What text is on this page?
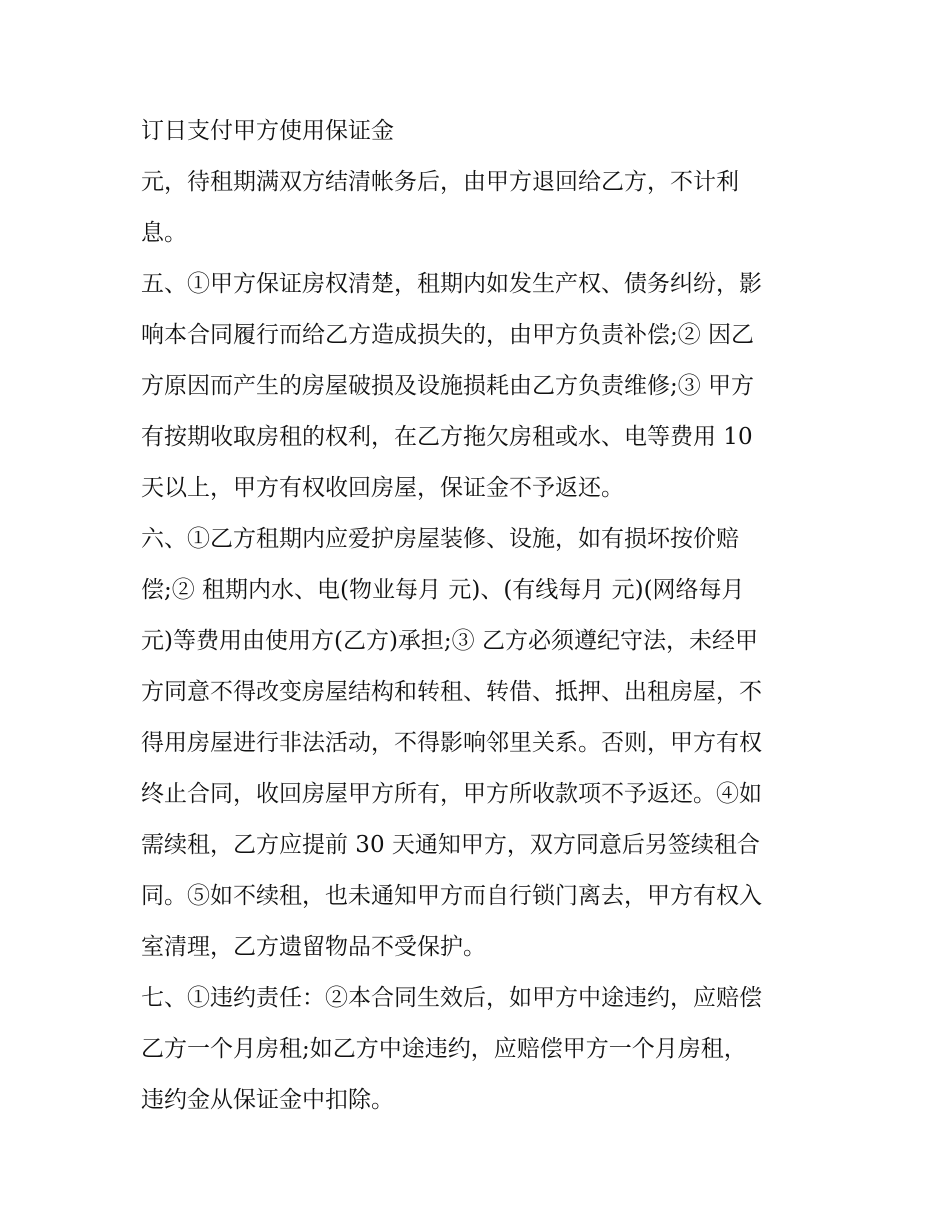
订日支付甲方使用保证金
元，待租期满双方结清帐务后，由甲方退回给乙方，不计利
息。
五、①甲方保证房权清楚，租期内如发生产权、债务纠纷，影
响本合同履行而给乙方造成损失的，由甲方负责补偿;② 因乙
方原因而产生的房屋破损及设施损耗由乙方负责维修;③ 甲方
有按期收取房租的权利，在乙方拖欠房租或水、电等费用 10
天以上，甲方有权收回房屋，保证金不予返还。
六、①乙方租期内应爱护房屋装修、设施，如有损坏按价赔
偿;② 租期内水、电(物业每月 元)、(有线每月 元)(网络每月
元)等费用由使用方(乙方)承担;③ 乙方必须遵纪守法，未经甲
方同意不得改变房屋结构和转租、转借、抵押、出租房屋，不
得用房屋进行非法活动，不得影响邻里关系。否则，甲方有权
终止合同，收回房屋甲方所有，甲方所收款项不予返还。④如
需续租，乙方应提前 30 天通知甲方，双方同意后另签续租合
同。⑤如不续租，也未通知甲方而自行锁门离去，甲方有权入
室清理，乙方遗留物品不受保护。
七、①违约责任：②本合同生效后，如甲方中途违约，应赔偿
乙方一个月房租;如乙方中途违约，应赔偿甲方一个月房租，
违约金从保证金中扣除。
